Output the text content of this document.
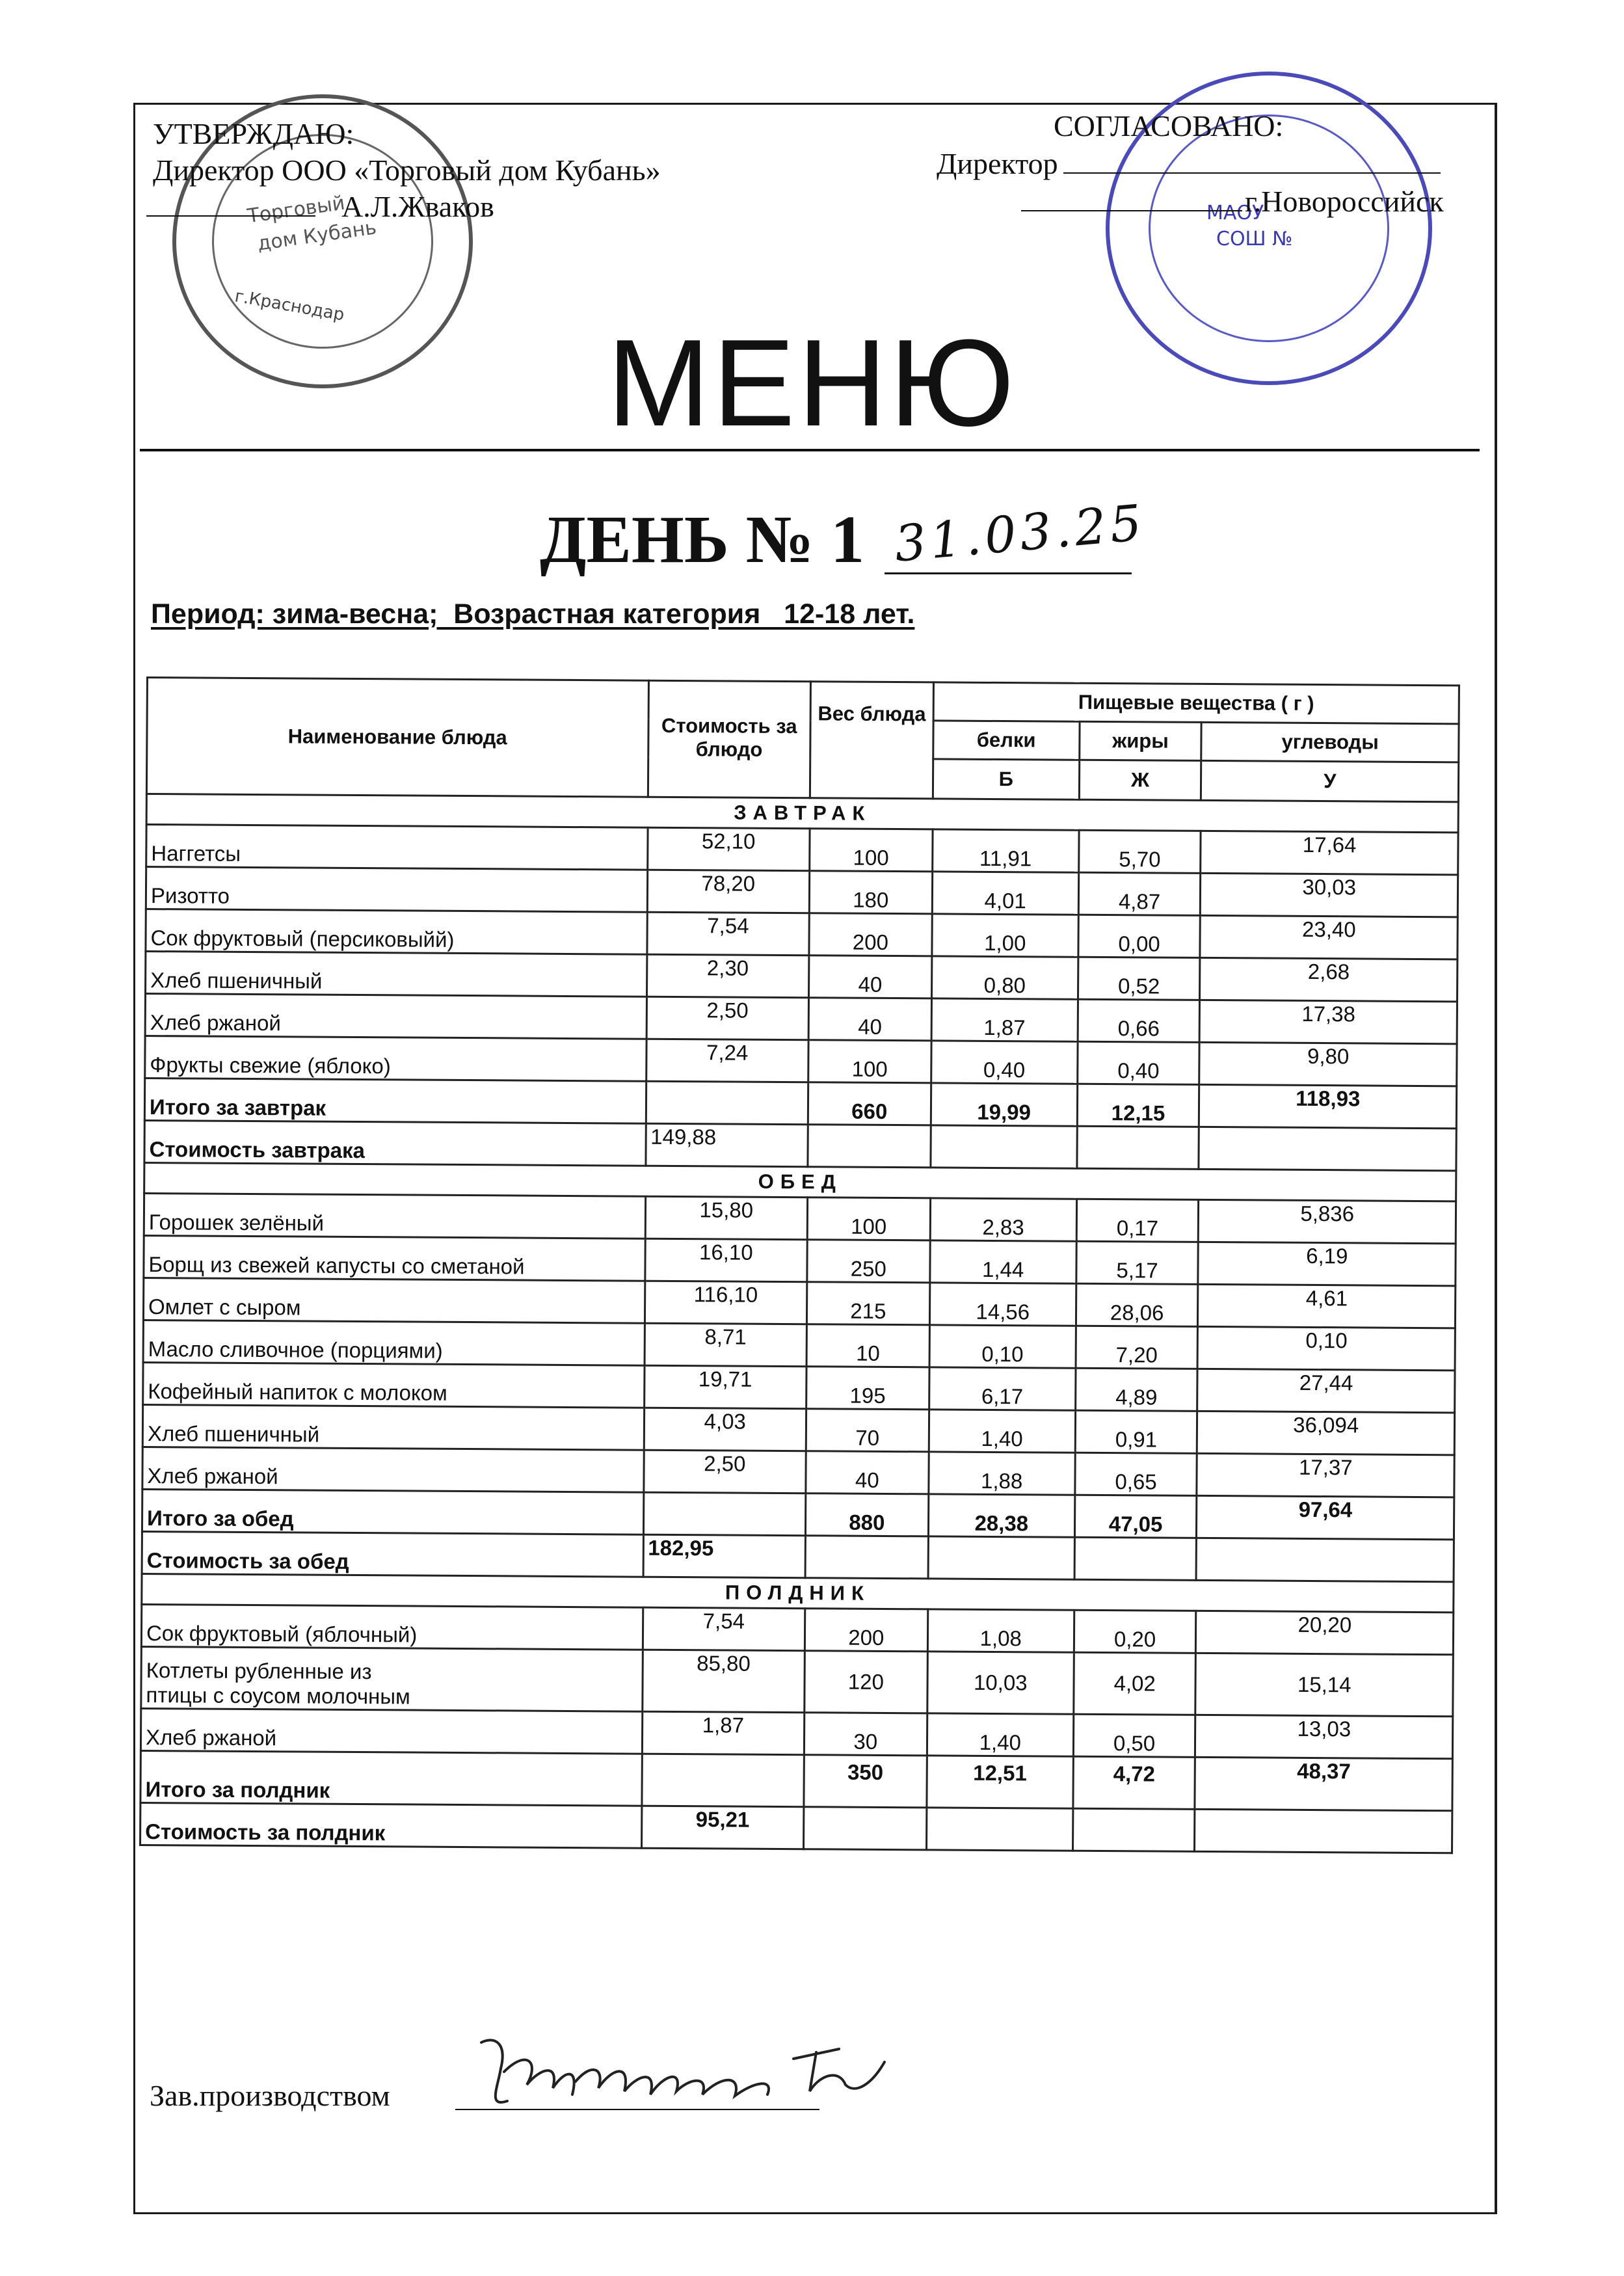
Торговый
дом Кубань
г.Краснодар
МАОУ
СОШ №
УТВЕРЖДАЮ:
Директор ООО «Торговый дом Кубань»
А.Л.Жваков
СОГЛАСОВАНО:
Директор
г.Новороссийск
МЕНЮ
ДЕНЬ № 1 31.03.25
Период: зима-весна;  Возрастная категория   12-18 лет.
Наименование блюда	Стоимость за блюдо	Вес блюда	Пищевые вещества ( г )		
			белки	жиры	углеводы
			Б	Ж	У
ЗАВТРАК					
Наггетсы	52,10	100	11,91	5,70	17,64
Ризотто	78,20	180	4,01	4,87	30,03
Сок фруктовый (персиковыйй)	7,54	200	1,00	0,00	23,40
Хлеб пшеничный	2,30	40	0,80	0,52	2,68
Хлеб ржаной	2,50	40	1,87	0,66	17,38
Фрукты свежие (яблоко)	7,24	100	0,40	0,40	9,80
Итого за завтрак		660	19,99	12,15	118,93
Стоимость завтрака	149,88				
ОБЕД					
Горошек зелёный	15,80	100	2,83	0,17	5,836
Борщ из свежей капусты со сметаной	16,10	250	1,44	5,17	6,19
Омлет с сыром	116,10	215	14,56	28,06	4,61
Масло сливочное (порциями)	8,71	10	0,10	7,20	0,10
Кофейный напиток с молоком	19,71	195	6,17	4,89	27,44
Хлеб пшеничный	4,03	70	1,40	0,91	36,094
Хлеб ржаной	2,50	40	1,88	0,65	17,37
Итого за обед		880	28,38	47,05	97,64
Стоимость за обед	182,95				
ПОЛДНИК					
Сок фруктовый (яблочный)	7,54	200	1,08	0,20	20,20
Котлеты рубленные из
птицы с соусом молочным	85,80	120	10,03	4,02	15,14
Хлеб ржаной	1,87	30	1,40	0,50	13,03
Итого за полдник		350	12,51	4,72	48,37
Стоимость за полдник	95,21				
Зав.производством
